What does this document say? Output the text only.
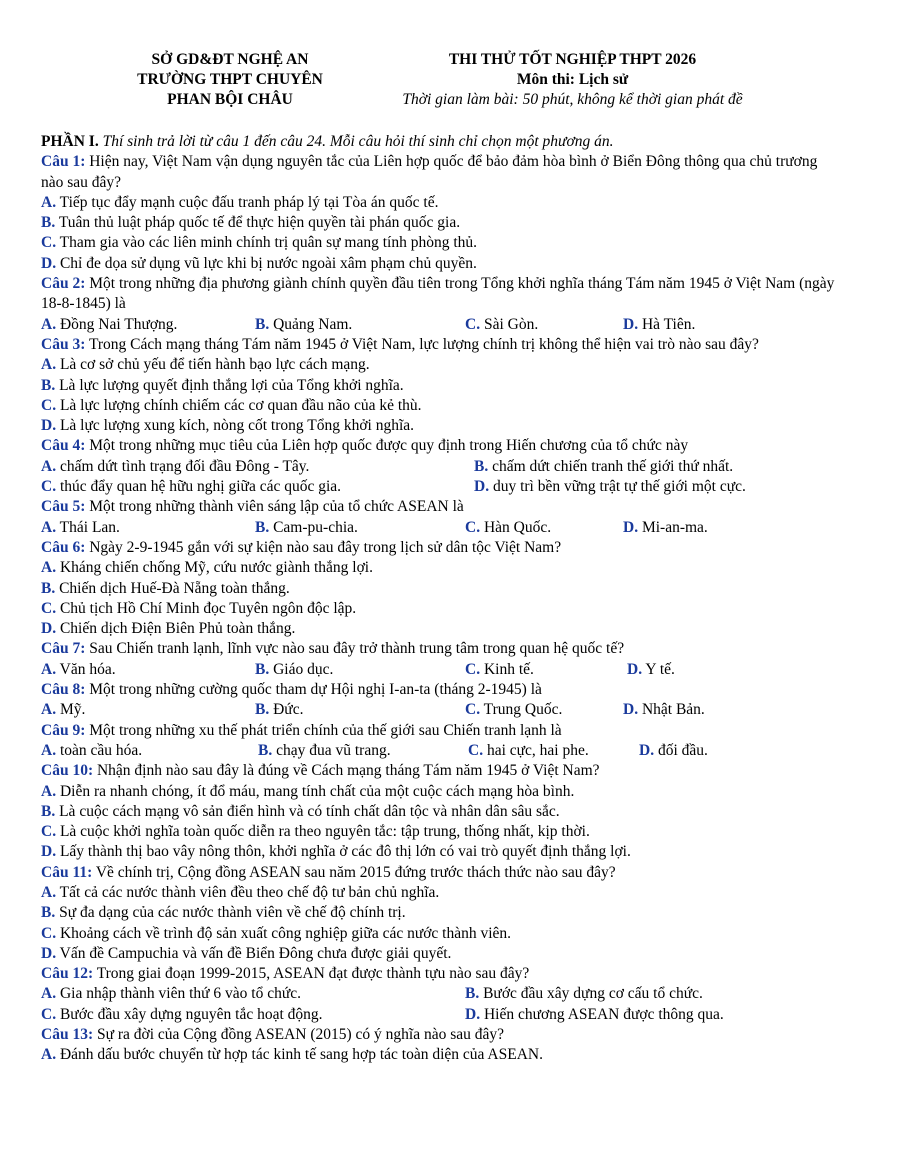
SỞ GD&ĐT NGHỆ AN
TRƯỜNG THPT CHUYÊN
PHAN BỘI CHÂU
THI THỬ TỐT NGHIỆP THPT 2026
Môn thi: Lịch sử
Thời gian làm bài: 50 phút, không kể thời gian phát đề
PHẦN I. Thí sinh trả lời từ câu 1 đến câu 24. Mỗi câu hỏi thí sinh chỉ chọn một phương án.
Câu 1: Hiện nay, Việt Nam vận dụng nguyên tắc của Liên hợp quốc để bảo đảm hòa bình ở Biển Đông thông qua chủ trương nào sau đây?
A. Tiếp tục đẩy mạnh cuộc đấu tranh pháp lý tại Tòa án quốc tế.
B. Tuân thủ luật pháp quốc tế để thực hiện quyền tài phán quốc gia.
C. Tham gia vào các liên minh chính trị quân sự mang tính phòng thủ.
D. Chỉ đe dọa sử dụng vũ lực khi bị nước ngoài xâm phạm chủ quyền.
Câu 2: Một trong những địa phương giành chính quyền đầu tiên trong Tổng khởi nghĩa tháng Tám năm 1945 ở Việt Nam (ngày 18-8-1845) là
A. Đồng Nai Thượng.	B. Quảng Nam.	C. Sài Gòn.	D. Hà Tiên.
Câu 3: Trong Cách mạng tháng Tám năm 1945 ở Việt Nam, lực lượng chính trị không thể hiện vai trò nào sau đây?
A. Là cơ sở chủ yếu để tiến hành bạo lực cách mạng.
B. Là lực lượng quyết định thắng lợi của Tổng khởi nghĩa.
C. Là lực lượng chính chiếm các cơ quan đầu não của kẻ thù.
D. Là lực lượng xung kích, nòng cốt trong Tổng khởi nghĩa.
Câu 4: Một trong những mục tiêu của Liên hợp quốc được quy định trong Hiến chương của tổ chức này
A. chấm dứt tình trạng đối đầu Đông - Tây.	B. chấm dứt chiến tranh thế giới thứ nhất.
C. thúc đẩy quan hệ hữu nghị giữa các quốc gia.	D. duy trì bền vững trật tự thế giới một cực.
Câu 5: Một trong những thành viên sáng lập của tổ chức ASEAN là
A. Thái Lan.	B. Cam-pu-chia.	C. Hàn Quốc.	D. Mi-an-ma.
Câu 6: Ngày 2-9-1945 gắn với sự kiện nào sau đây trong lịch sử dân tộc Việt Nam?
A. Kháng chiến chống Mỹ, cứu nước giành thắng lợi.
B. Chiến dịch Huế-Đà Nẵng toàn thắng.
C. Chủ tịch Hồ Chí Minh đọc Tuyên ngôn độc lập.
D. Chiến dịch Điện Biên Phủ toàn thắng.
Câu 7: Sau Chiến tranh lạnh, lĩnh vực nào sau đây trở thành trung tâm trong quan hệ quốc tế?
A. Văn hóa.	B. Giáo dục.	C. Kinh tế.	D. Y tế.
Câu 8: Một trong những cường quốc tham dự Hội nghị I-an-ta (tháng 2-1945) là
A. Mỹ.	B. Đức.	C. Trung Quốc.	D. Nhật Bản.
Câu 9: Một trong những xu thế phát triển chính của thế giới sau Chiến tranh lạnh là
A. toàn cầu hóa.	B. chạy đua vũ trang.	C. hai cực, hai phe.	D. đối đầu.
Câu 10: Nhận định nào sau đây là đúng về Cách mạng tháng Tám năm 1945 ở Việt Nam?
A. Diễn ra nhanh chóng, ít đổ máu, mang tính chất của một cuộc cách mạng hòa bình.
B. Là cuộc cách mạng vô sản điển hình và có tính chất dân tộc và nhân dân sâu sắc.
C. Là cuộc khởi nghĩa toàn quốc diễn ra theo nguyên tắc: tập trung, thống nhất, kịp thời.
D. Lấy thành thị bao vây nông thôn, khởi nghĩa ở các đô thị lớn có vai trò quyết định thắng lợi.
Câu 11: Về chính trị, Cộng đồng ASEAN sau năm 2015 đứng trước thách thức nào sau đây?
A. Tất cả các nước thành viên đều theo chế độ tư bản chủ nghĩa.
B. Sự đa dạng của các nước thành viên về chế độ chính trị.
C. Khoảng cách về trình độ sản xuất công nghiệp giữa các nước thành viên.
D. Vấn đề Campuchia và vấn đề Biển Đông chưa được giải quyết.
Câu 12: Trong giai đoạn 1999-2015, ASEAN đạt được thành tựu nào sau đây?
A. Gia nhập thành viên thứ 6 vào tổ chức.	B. Bước đầu xây dựng cơ cấu tổ chức.
C. Bước đầu xây dựng nguyên tắc hoạt động.	D. Hiến chương ASEAN được thông qua.
Câu 13: Sự ra đời của Cộng đồng ASEAN (2015) có ý nghĩa nào sau đây?
A. Đánh dấu bước chuyển từ hợp tác kinh tế sang hợp tác toàn diện của ASEAN.
